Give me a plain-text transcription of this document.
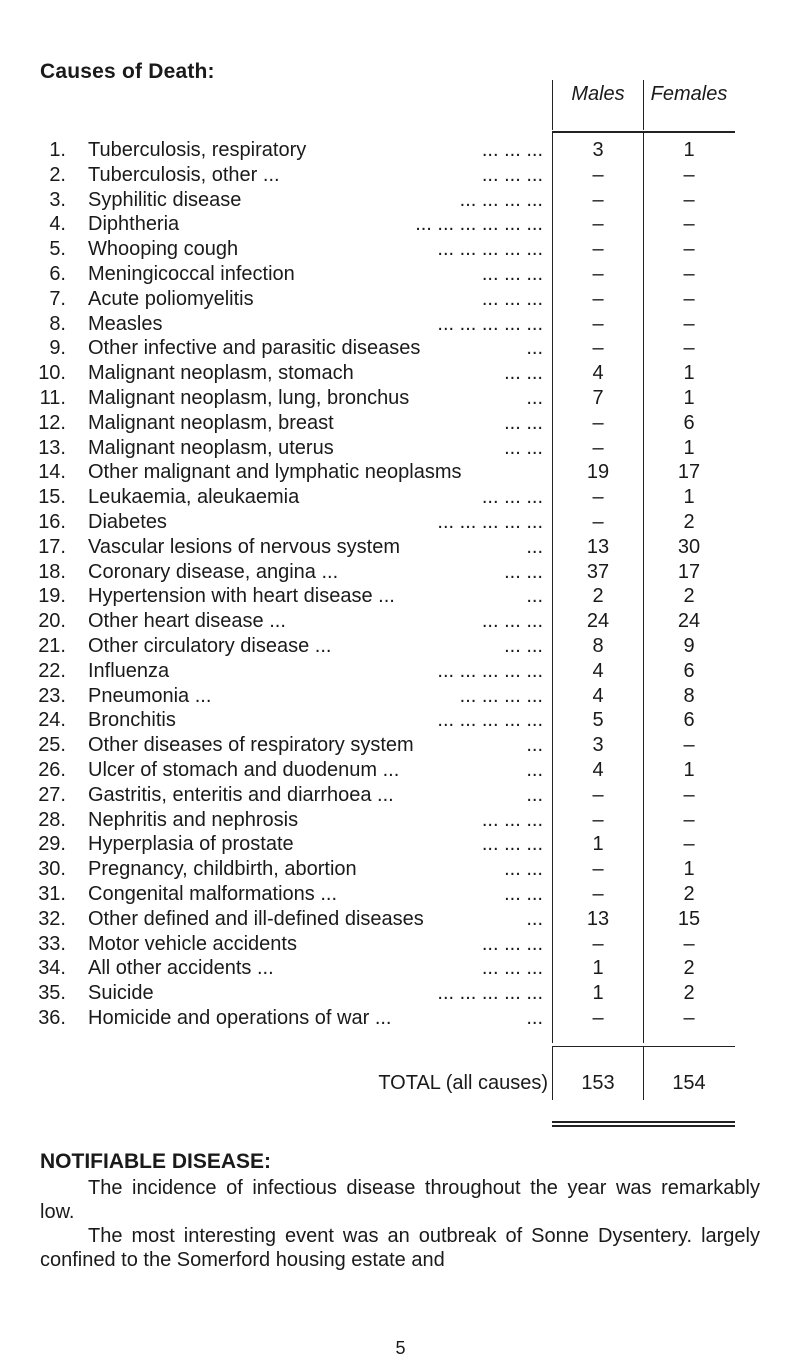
Causes of Death:
Males	Females
1. Tuberculosis, respiratory	... ... ...	3	1
2. Tuberculosis, other ...	... ... ...	–	–
3. Syphilitic disease	... ... ... ...	–	–
4. Diphtheria	... ... ... ... ... ...	–	–
5. Whooping cough	... ... ... ... ...	–	–
6. Meningicoccal infection	... ... ...	–	–
7. Acute poliomyelitis	... ... ...	–	–
8. Measles	... ... ... ... ...	–	–
9. Other infective and parasitic diseases	...	–	–
10. Malignant neoplasm, stomach	... ...	4	1
11. Malignant neoplasm, lung, bronchus	...	7	1
12. Malignant neoplasm, breast	... ...	–	6
13. Malignant neoplasm, uterus	... ...	–	1
14. Other malignant and lymphatic neoplasms	19	17
15. Leukaemia, aleukaemia	... ... ...	–	1
16. Diabetes	... ... ... ... ...	–	2
17. Vascular lesions of nervous system	...	13	30
18. Coronary disease, angina ...	... ...	37	17
19. Hypertension with heart disease ...	...	2	2
20. Other heart disease ...	... ... ...	24	24
21. Other circulatory disease ...	... ...	8	9
22. Influenza	... ... ... ... ...	4	6
23. Pneumonia ...	... ... ... ...	4	8
24. Bronchitis	... ... ... ... ...	5	6
25. Other diseases of respiratory system	...	3	–
26. Ulcer of stomach and duodenum ...	...	4	1
27. Gastritis, enteritis and diarrhoea ...	...	–	–
28. Nephritis and nephrosis	... ... ...	–	–
29. Hyperplasia of prostate	... ... ...	1	–
30. Pregnancy, childbirth, abortion	... ...	–	1
31. Congenital malformations ...	... ...	–	2
32. Other defined and ill-defined diseases	...	13	15
33. Motor vehicle accidents	... ... ...	–	–
34. All other accidents ...	... ... ...	1	2
35. Suicide	... ... ... ... ...	1	2
36. Homicide and operations of war ...	...	–	–
TOTAL (all causes)	153	154
NOTIFIABLE DISEASE:

The incidence of infectious disease throughout the year was remarkably low.

The most interesting event was an outbreak of Sonne Dysentery. largely confined to the Somerford housing estate and

5
